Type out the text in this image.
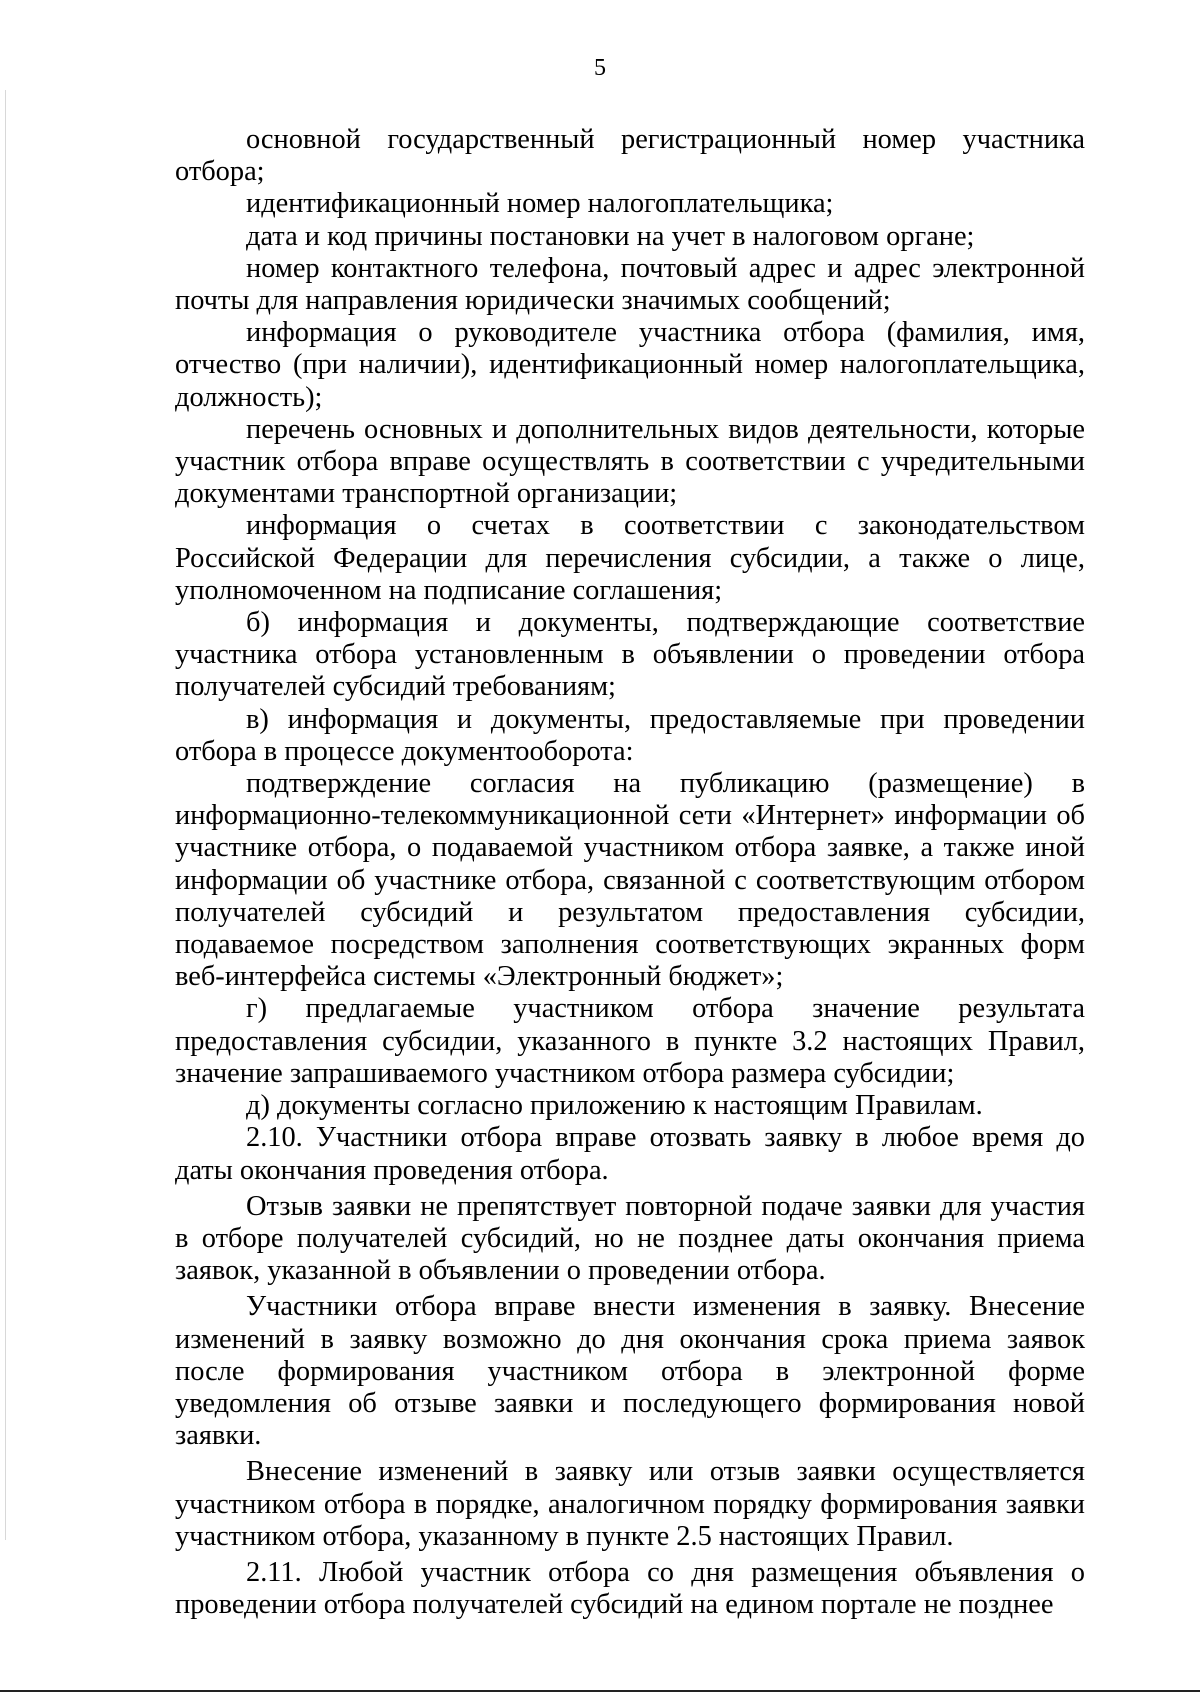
5

основной государственный регистрационный номер участника отбора;

идентификационный номер налогоплательщика;

дата и код причины постановки на учет в налоговом органе;

номер контактного телефона, почтовый адрес и адрес электронной почты для направления юридически значимых сообщений;

информация о руководителе участника отбора (фамилия, имя, отчество (при наличии), идентификационный номер налогоплательщика, должность);

перечень основных и дополнительных видов деятельности, которые участник отбора вправе осуществлять в соответствии с учредительными документами транспортной организации;

информация о счетах в соответствии с законодательством Российской Федерации для перечисления субсидии, а также о лице, уполномоченном на подписание соглашения;

б) информация и документы, подтверждающие соответствие участника отбора установленным в объявлении о проведении отбора получателей субсидий требованиям;

в) информация и документы, предоставляемые при проведении отбора в процессе документооборота:

подтверждение согласия на публикацию (размещение) в информационно-телекоммуникационной сети «Интернет» информации об участнике отбора, о подаваемой участником отбора заявке, а также иной информации об участнике отбора, связанной с соответствующим отбором получателей субсидий и результатом предоставления субсидии, подаваемое посредством заполнения соответствующих экранных форм веб-интерфейса системы «Электронный бюджет»;

г) предлагаемые участником отбора значение результата предоставления субсидии, указанного в пункте 3.2 настоящих Правил, значение запрашиваемого участником отбора размера субсидии;

д) документы согласно приложению к настоящим Правилам.

2.10. Участники отбора вправе отозвать заявку в любое время до даты окончания проведения отбора.

Отзыв заявки не препятствует повторной подаче заявки для участия в отборе получателей субсидий, но не позднее даты окончания приема заявок, указанной в объявлении о проведении отбора.

Участники отбора вправе внести изменения в заявку. Внесение изменений в заявку возможно до дня окончания срока приема заявок после формирования участником отбора в электронной форме уведомления об отзыве заявки и последующего формирования новой заявки.

Внесение изменений в заявку или отзыв заявки осуществляется участником отбора в порядке, аналогичном порядку формирования заявки участником отбора, указанному в пункте 2.5 настоящих Правил.

2.11. Любой участник отбора со дня размещения объявления о проведении отбора получателей субсидий на едином портале не позднее
